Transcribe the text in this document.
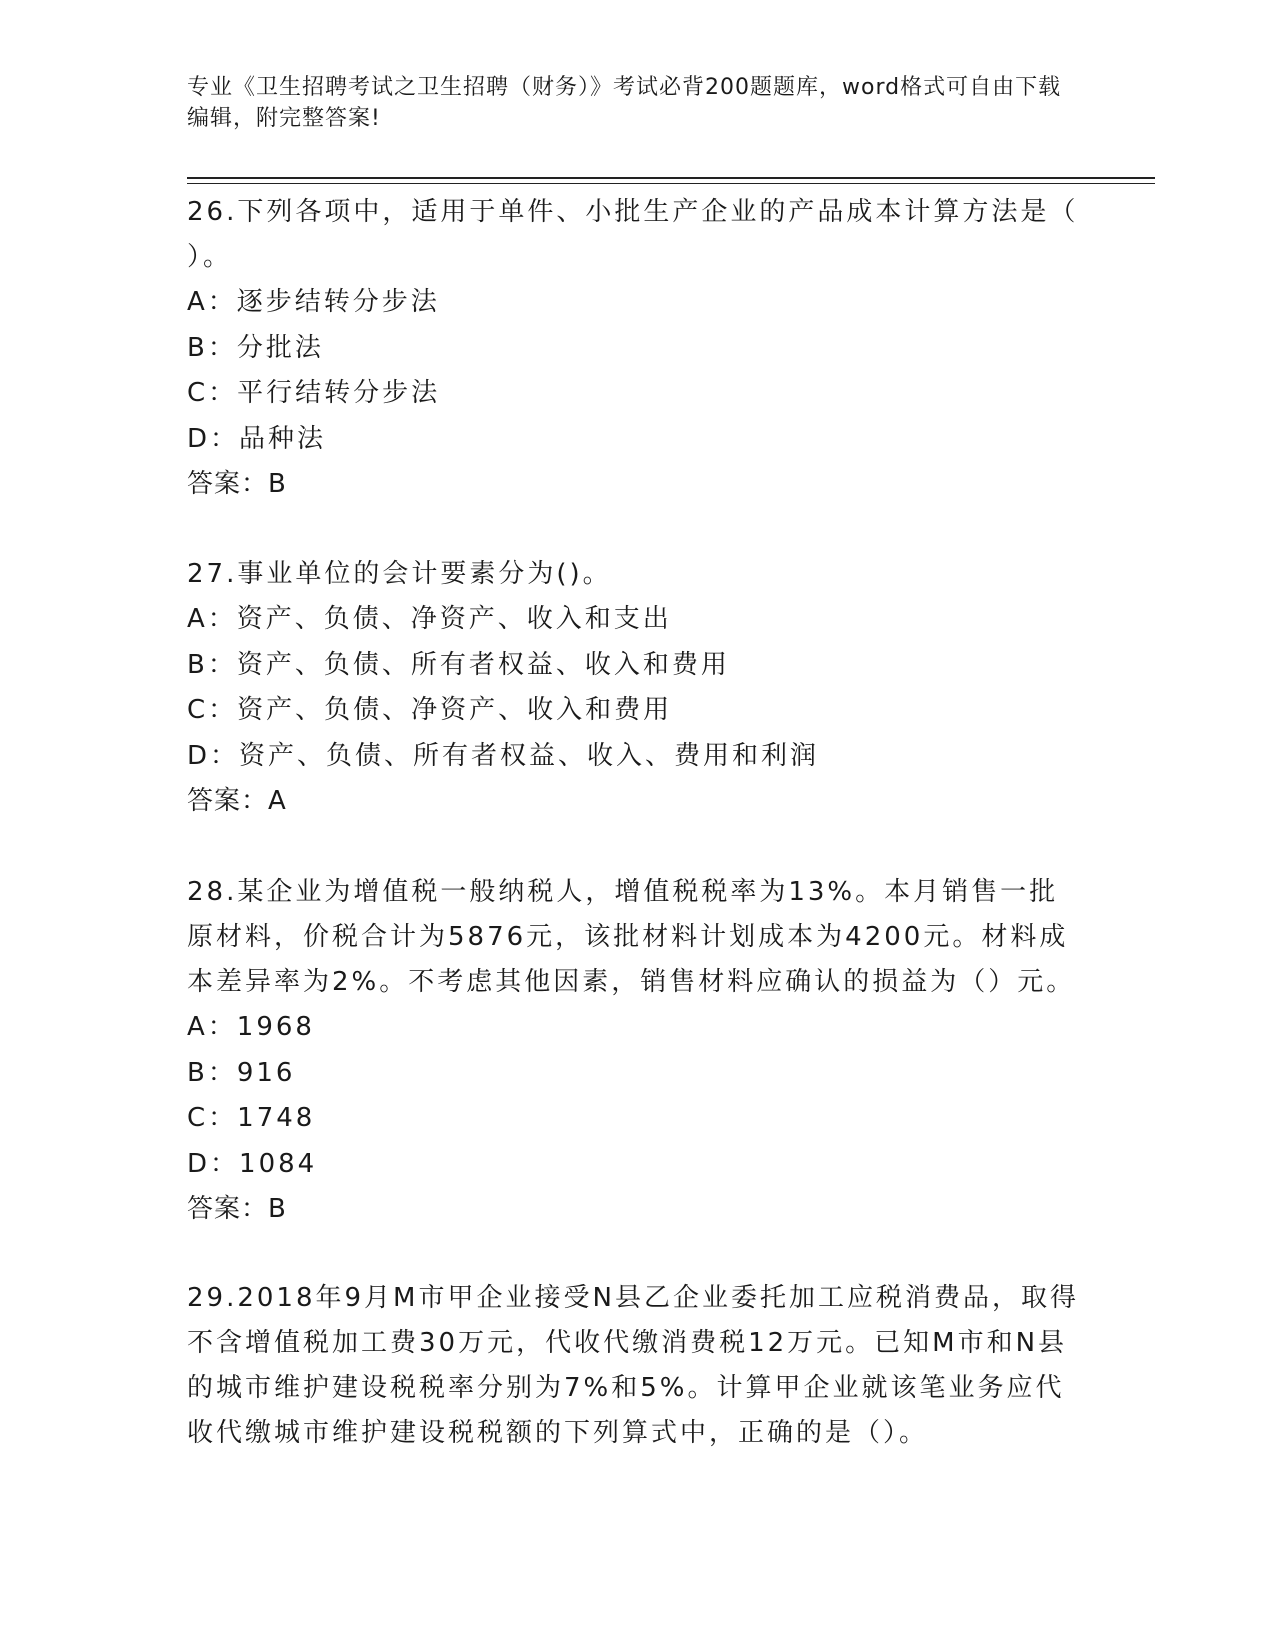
专业《卫生招聘考试之卫生招聘（财务）》考试必背200题题库，word格式可自由下载编辑，附完整答案!
26.下列各项中，适用于单件、小批生产企业的产品成本计算方法是（ ）。
A：逐步结转分步法
B：分批法
C：平行结转分步法
D：品种法
答案：B
27.事业单位的会计要素分为()。
A：资产、负债、净资产、收入和支出
B：资产、负债、所有者权益、收入和费用
C：资产、负债、净资产、收入和费用
D：资产、负债、所有者权益、收入、费用和利润
答案：A
28.某企业为增值税一般纳税人，增值税税率为13%。本月销售一批原材料，价税合计为5876元，该批材料计划成本为4200元。材料成本差异率为2%。不考虑其他因素，销售材料应确认的损益为（）元。
A：1968
B：916
C：1748
D：1084
答案：B
29.2018年9月M市甲企业接受N县乙企业委托加工应税消费品，取得不含增值税加工费30万元，代收代缴消费税12万元。已知M市和N县的城市维护建设税税率分别为7%和5%。计算甲企业就该笔业务应代收代缴城市维护建设税税额的下列算式中，正确的是（）。
